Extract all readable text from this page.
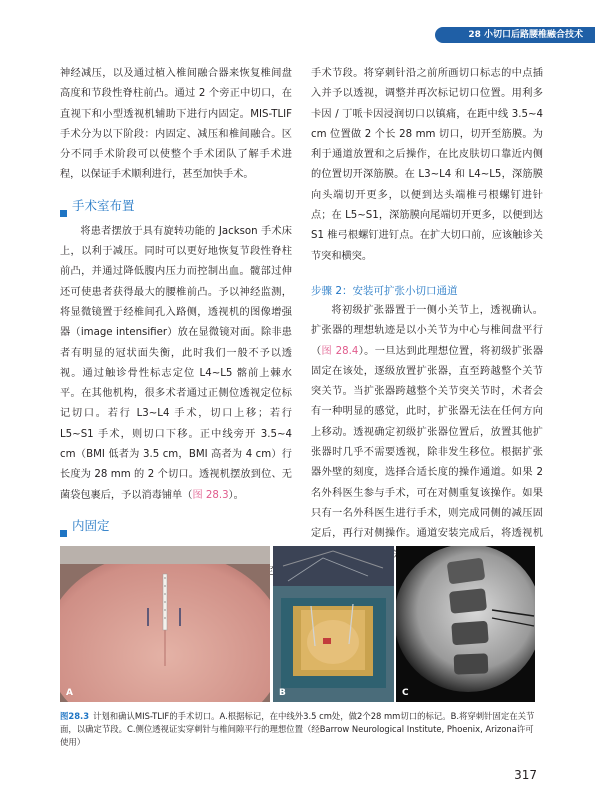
28 小切口后路腰椎融合技术

神经减压，以及通过植入椎间融合器来恢复椎间盘高度和节段性脊柱前凸。通过 2 个旁正中切口，在直视下和小型透视机辅助下进行内固定。MIS-TLIF 手术分为以下阶段：内固定、减压和椎间融合。区分不同手术阶段可以使整个手术团队了解手术进程，以保证手术顺利进行，甚至加快手术。

手术室布置

将患者摆放于具有旋转功能的 Jackson 手术床上，以利于减压。同时可以更好地恢复节段性脊柱前凸，并通过降低腹内压力而控制出血。髋部过伸还可使患者获得最大的腰椎前凸。予以神经监测，将显微镜置于经椎间孔入路侧，透视机的图像增强器（image intensifier）放在显微镜对面。除非患者有明显的冠状面失衡，此时我们一般不予以透视。通过触诊骨性标志定位 L4~L5 髂前上棘水平。在其他机构，很多术者通过正侧位透视定位标记切口。若行 L3~L4 手术，切口上移；若行 L5~S1 手术，则切口下移。正中线旁开 3.5~4 cm（BMI 低者为 3.5 cm，BMI 高者为 4 cm）行长度为 28 mm 的 2 个切口。透视机摆放到位、无菌袋包裹后，予以消毒铺单（图 28.3）。

内固定

手术节段。将穿刺针沿之前所画切口标志的中点插入并予以透视，调整并再次标记切口位置。用利多卡因 / 丁哌卡因浸润切口以镇痛，在距中线 3.5~4 cm 位置做 2 个长 28 mm 切口，切开至筋膜。为利于通道放置和之后操作，在比皮肤切口靠近内侧的位置切开深筋膜。在 L3~L4 和 L4~L5，深筋膜向头端切开更多，以便到达头端椎弓根螺钉进针点；在 L5~S1，深筋膜向尾端切开更多，以便到达 S1 椎弓根螺钉进钉点。在扩大切口前，应该触诊关节突和横突。

步骤 2：安装可扩张小切口通道

将初级扩张器置于一侧小关节上，透视确认。扩张器的理想轨迹是以小关节为中心与椎间盘平行（图 28.4）。一旦达到此理想位置，将初级扩张器固定在该处，逐级放置扩张器，直至跨越整个关节突关节。当扩张器跨越整个关节突关节时，术者会有一种明显的感觉，此时，扩张器无法在任何方向上移动。透视确定初级扩张器位置后，放置其他扩张器时几乎不需要透视，除非发生移位。根据扩张器外壁的刻度，选择合适长度的操作通道。如果 2 名外科医生参与手术，可在对侧重复该操作。如果只有一名外科医生进行手术，则完成同侧的减压固定后，再行对侧操作。通道安装完成后，将透视机

A	B	C
图28.3 计划和确认MIS-TLIF的手术切口。A.根据标记，在中线外3.5 cm处，做2个28 mm切口的标记。B.将穿刺针固定在关节面，以确定节段。C.侧位透视证实穿刺针与椎间隙平行的理想位置（经Barrow Neurological Institute, Phoenix, Arizona许可使用）
317
